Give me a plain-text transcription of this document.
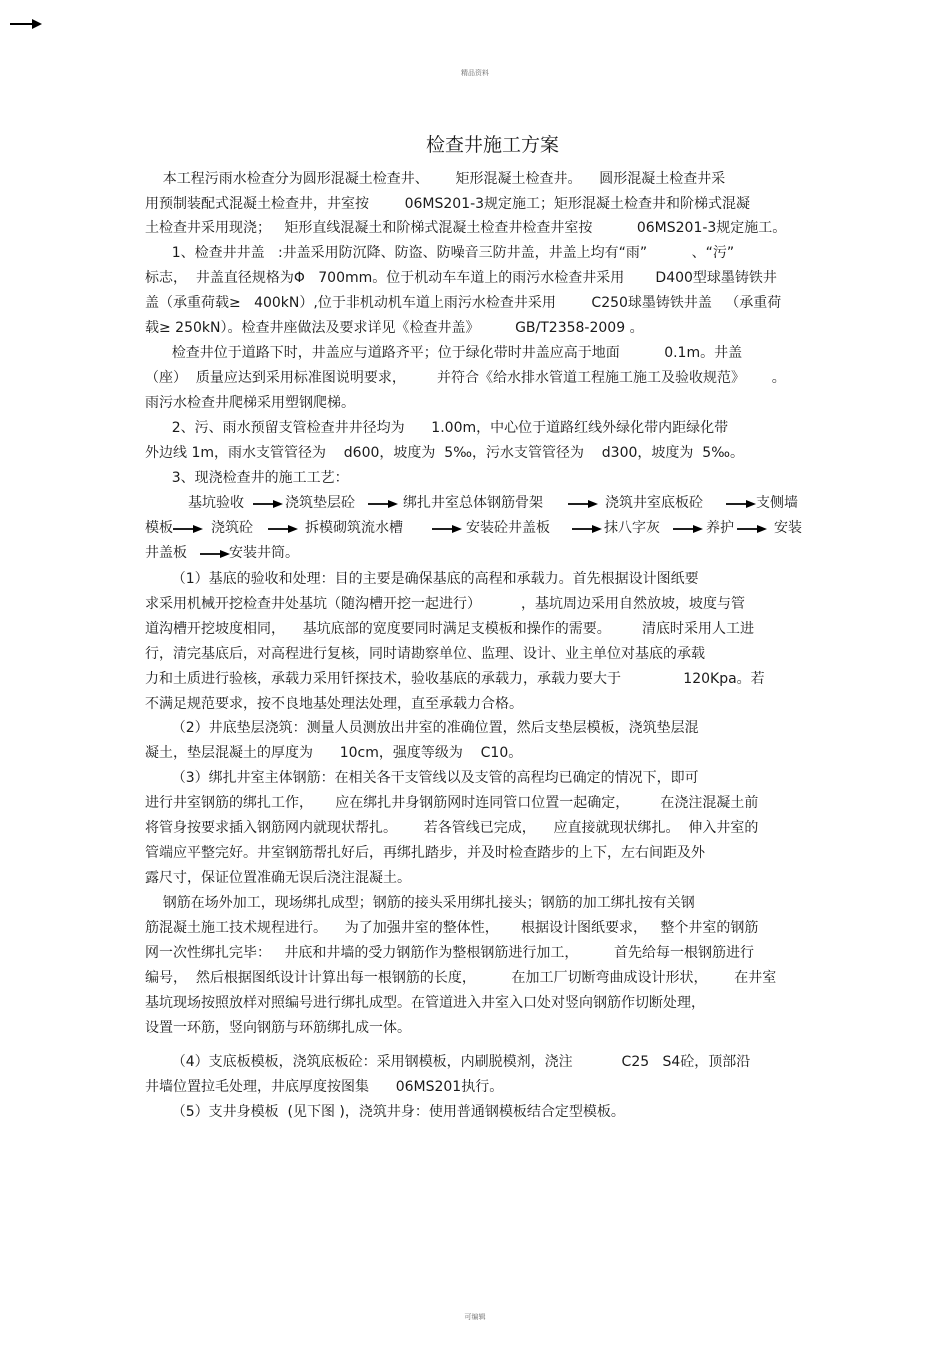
精品资料
检查井施工方案
本工程污雨水检查分为圆形混凝土检查井、      矩形混凝土检查井。    圆形混凝土检查井采
用预制装配式混凝土检查井，井室按        06MS201-3规定施工；矩形混凝土检查井和阶梯式混凝
土检查井采用现浇；   矩形直线混凝土和阶梯式混凝土检查井检查井室按          06MS201-3规定施工。
1、检查井井盖   :井盖采用防沉降、防盗、防噪音三防井盖，井盖上均有“雨”          、“污”
标志，  井盖直径规格为Φ   700mm。位于机动车车道上的雨污水检查井采用       D400型球墨铸铁井
盖（承重荷载≥   400kN）,位于非机动机车道上雨污水检查井采用        C250球墨铸铁井盖   （承重荷
载≥ 250kN）。检查井座做法及要求详见《检查井盖》        GB/T2358-2009 。
检查井位于道路下时，井盖应与道路齐平；位于绿化带时井盖应高于地面          0.1m。井盖
（座）  质量应达到采用标准图说明要求，       并符合《给水排水管道工程施工施工及验收规范》      。
雨污水检查井爬梯采用塑钢爬梯。
2、污、雨水预留支管检查井井径均为      1.00m，中心位于道路红线外绿化带内距绿化带
外边线 1m，雨水支管管径为    d600，坡度为  5‰，污水支管管径为    d300，坡度为  5‰。
3、现浇检查井的施工工艺：
基坑验收	浇筑垫层砼	绑扎井室总体钢筋骨架	浇筑井室底板砼	支侧墙
模板	浇筑砼	拆模砌筑流水槽	安装砼井盖板	抹八字灰	养护	安装
井盖板	安装井筒。
（1）基底的验收和处理：目的主要是确保基底的高程和承载力。首先根据设计图纸要
求采用机械开挖检查井处基坑（随沟槽开挖一起进行）         ，基坑周边采用自然放坡，坡度与管
道沟槽开挖坡度相同，    基坑底部的宽度要同时满足支模板和操作的需要。       清底时采用人工进
行，清完基底后，对高程进行复核，同时请勘察单位、监理、设计、业主单位对基底的承载
力和土质进行验核，承载力采用钎探技术，验收基底的承载力，承载力要大于              120Kpa。若
不满足规范要求，按不良地基处理法处理，直至承载力合格。
（2）井底垫层浇筑：测量人员测放出井室的准确位置，然后支垫层模板，浇筑垫层混
凝土，垫层混凝土的厚度为      10cm，强度等级为    C10。
（3）绑扎井室主体钢筋：在相关各干支管线以及支管的高程均已确定的情况下，即可
进行井室钢筋的绑扎工作，     应在绑扎井身钢筋网时连同管口位置一起确定，       在浇注混凝土前
将管身按要求插入钢筋网内就现状帮扎。      若各管线已完成，    应直接就现状绑扎。  伸入井室的
管端应平整完好。井室钢筋帮扎好后，再绑扎踏步，并及时检查踏步的上下，左右间距及外
露尺寸，保证位置准确无误后浇注混凝土。
钢筋在场外加工，现场绑扎成型；钢筋的接头采用绑扎接头；钢筋的加工绑扎按有关钢
筋混凝土施工技术规程进行。    为了加强井室的整体性，     根据设计图纸要求，   整个井室的钢筋
网一次性绑扎完毕：   井底和井墙的受力钢筋作为整根钢筋进行加工，        首先给每一根钢筋进行
编号，  然后根据图纸设计计算出每一根钢筋的长度，        在加工厂切断弯曲成设计形状，      在井室
基坑现场按照放样对照编号进行绑扎成型。在管道进入井室入口处对竖向钢筋作切断处理，
设置一环筋，竖向钢筋与环筋绑扎成一体。
（4）支底板模板，浇筑底板砼：采用钢模板，内刷脱模剂，浇注           C25   S4砼，顶部沿
井墙位置拉毛处理，井底厚度按图集      06MS201执行。
（5）支井身模板  (见下图 )，浇筑井身：使用普通钢模板结合定型模板。
可编辑
